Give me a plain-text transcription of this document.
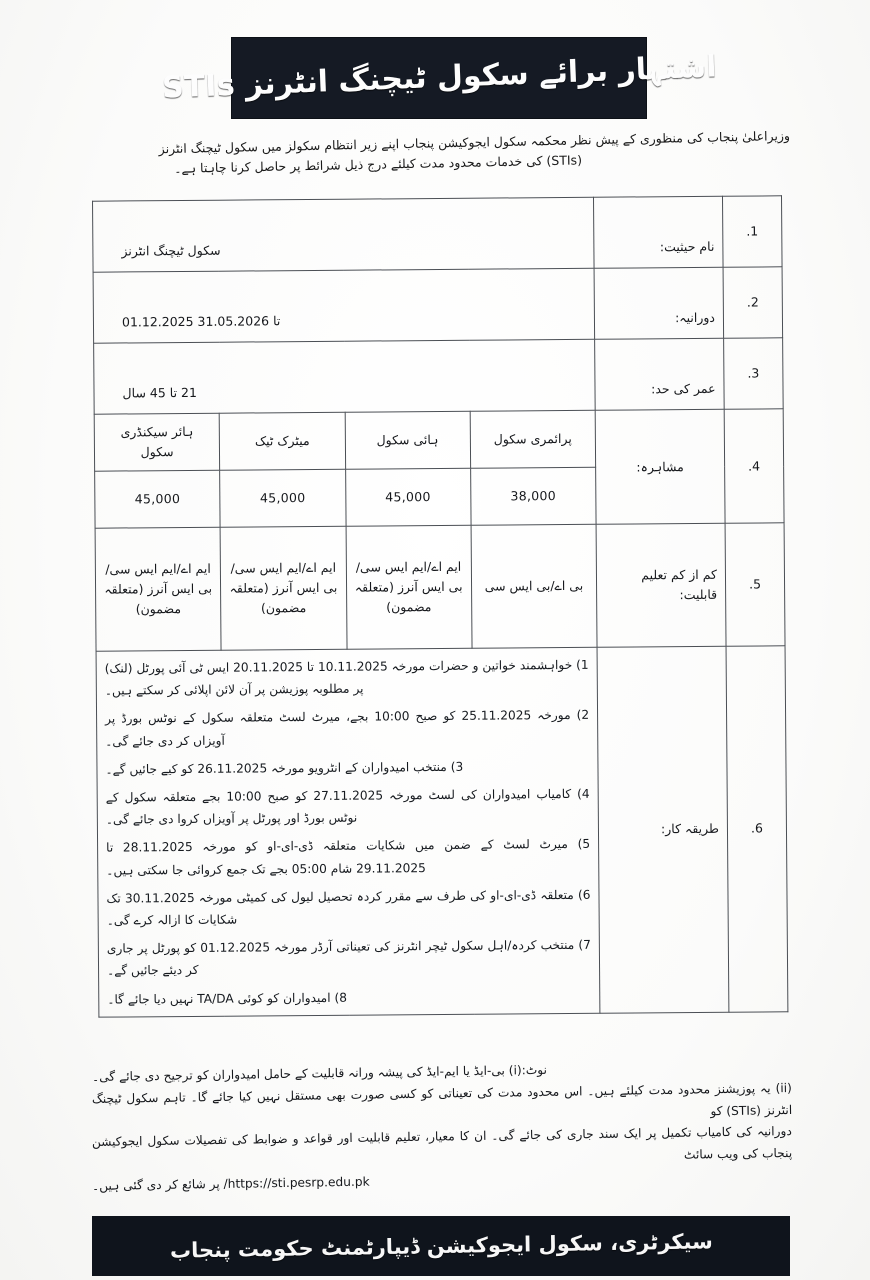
اشتہار برائے سکول ٹیچنگ انٹرنز STIs
وزیراعلیٰ پنجاب کی منظوری کے پیش نظر محکمہ سکول ایجوکیشن پنجاب اپنے زیر انتظام سکولز میں سکول ٹیچنگ انٹرنز
(STIs) کی خدمات محدود مدت کیلئے درج ذیل شرائط پر حاصل کرنا چاہتا ہے۔
.1	نام حیثیت:	سکول ٹیچنگ انٹرنز			
.2	دورانیہ:	01.12.2025 تا 31.05.2026			
.3	عمر کی حد:	21 تا 45 سال			
.4	مشاہرہ:	پرائمری سکول	ہائی سکول	میٹرک ٹیک	ہائر سیکنڈری سکول
		38,000	45,000	45,000	45,000
.5	کم از کم تعلیم
قابلیت:	بی اے/بی ایس سی	ایم اے/ایم ایس سی/بی ایس آنرز (متعلقہ مضمون)	ایم اے/ایم ایس سی/بی ایس آنرز (متعلقہ مضمون)	ایم اے/ایم ایس سی/بی ایس آنرز (متعلقہ مضمون)
.6	طریقہ کار:	
1) خواہشمند خواتین و حضرات مورخہ 10.11.2025 تا 20.11.2025 ایس ٹی آئی پورٹل (لنک) پر مطلوبہ پوزیشن پر آن لائن اپلائی کر سکتے ہیں۔
2) مورخہ 25.11.2025 کو صبح 10:00 بجے، میرٹ لسٹ متعلقہ سکول کے نوٹس بورڈ پر آویزاں کر دی جائے گی۔
3) منتخب امیدواران کے انٹرویو مورخہ 26.11.2025 کو کیے جائیں گے۔
4) کامیاب امیدواران کی لسٹ مورخہ 27.11.2025 کو صبح 10:00 بجے متعلقہ سکول کے نوٹس بورڈ اور پورٹل پر آویزاں کروا دی جائے گی۔
5) میرٹ لسٹ کے ضمن میں شکایات متعلقہ ڈی-ای-او کو مورخہ 28.11.2025 تا 29.11.2025 شام 05:00 بجے تک جمع کروائی جا سکتی ہیں۔
6) متعلقہ ڈی-ای-او کی طرف سے مقرر کردہ تحصیل لیول کی کمیٹی مورخہ 30.11.2025 تک شکایات کا ازالہ کرے گی۔
7) منتخب کردہ/اہل سکول ٹیچر انٹرنز کی تعیناتی آرڈر مورخہ 01.12.2025 کو پورٹل پر جاری کر دیئے جائیں گے۔
8) امیدواران کو کوئی TA/DA نہیں دیا جائے گا۔
نوٹ:(i) بی-ایڈ یا ایم-ایڈ کی پیشہ ورانہ قابلیت کے حامل امیدواران کو ترجیح دی جائے گی۔
(ii) یہ پوزیشنز محدود مدت کیلئے ہیں۔ اس محدود مدت کی تعیناتی کو کسی صورت بھی مستقل نہیں کیا جائے گا۔ تاہم سکول ٹیچنگ انٹرنز (STIs) کو
دورانیہ کی کامیاب تکمیل پر ایک سند جاری کی جائے گی۔ ان کا معیار، تعلیم قابلیت اور قواعد و ضوابط کی تفصیلات سکول ایجوکیشن پنجاب کی ویب سائٹ
https://sti.pesrp.edu.pk/ پر شائع کر دی گئی ہیں۔
سیکرٹری، سکول ایجوکیشن ڈیپارٹمنٹ حکومت پنجاب
